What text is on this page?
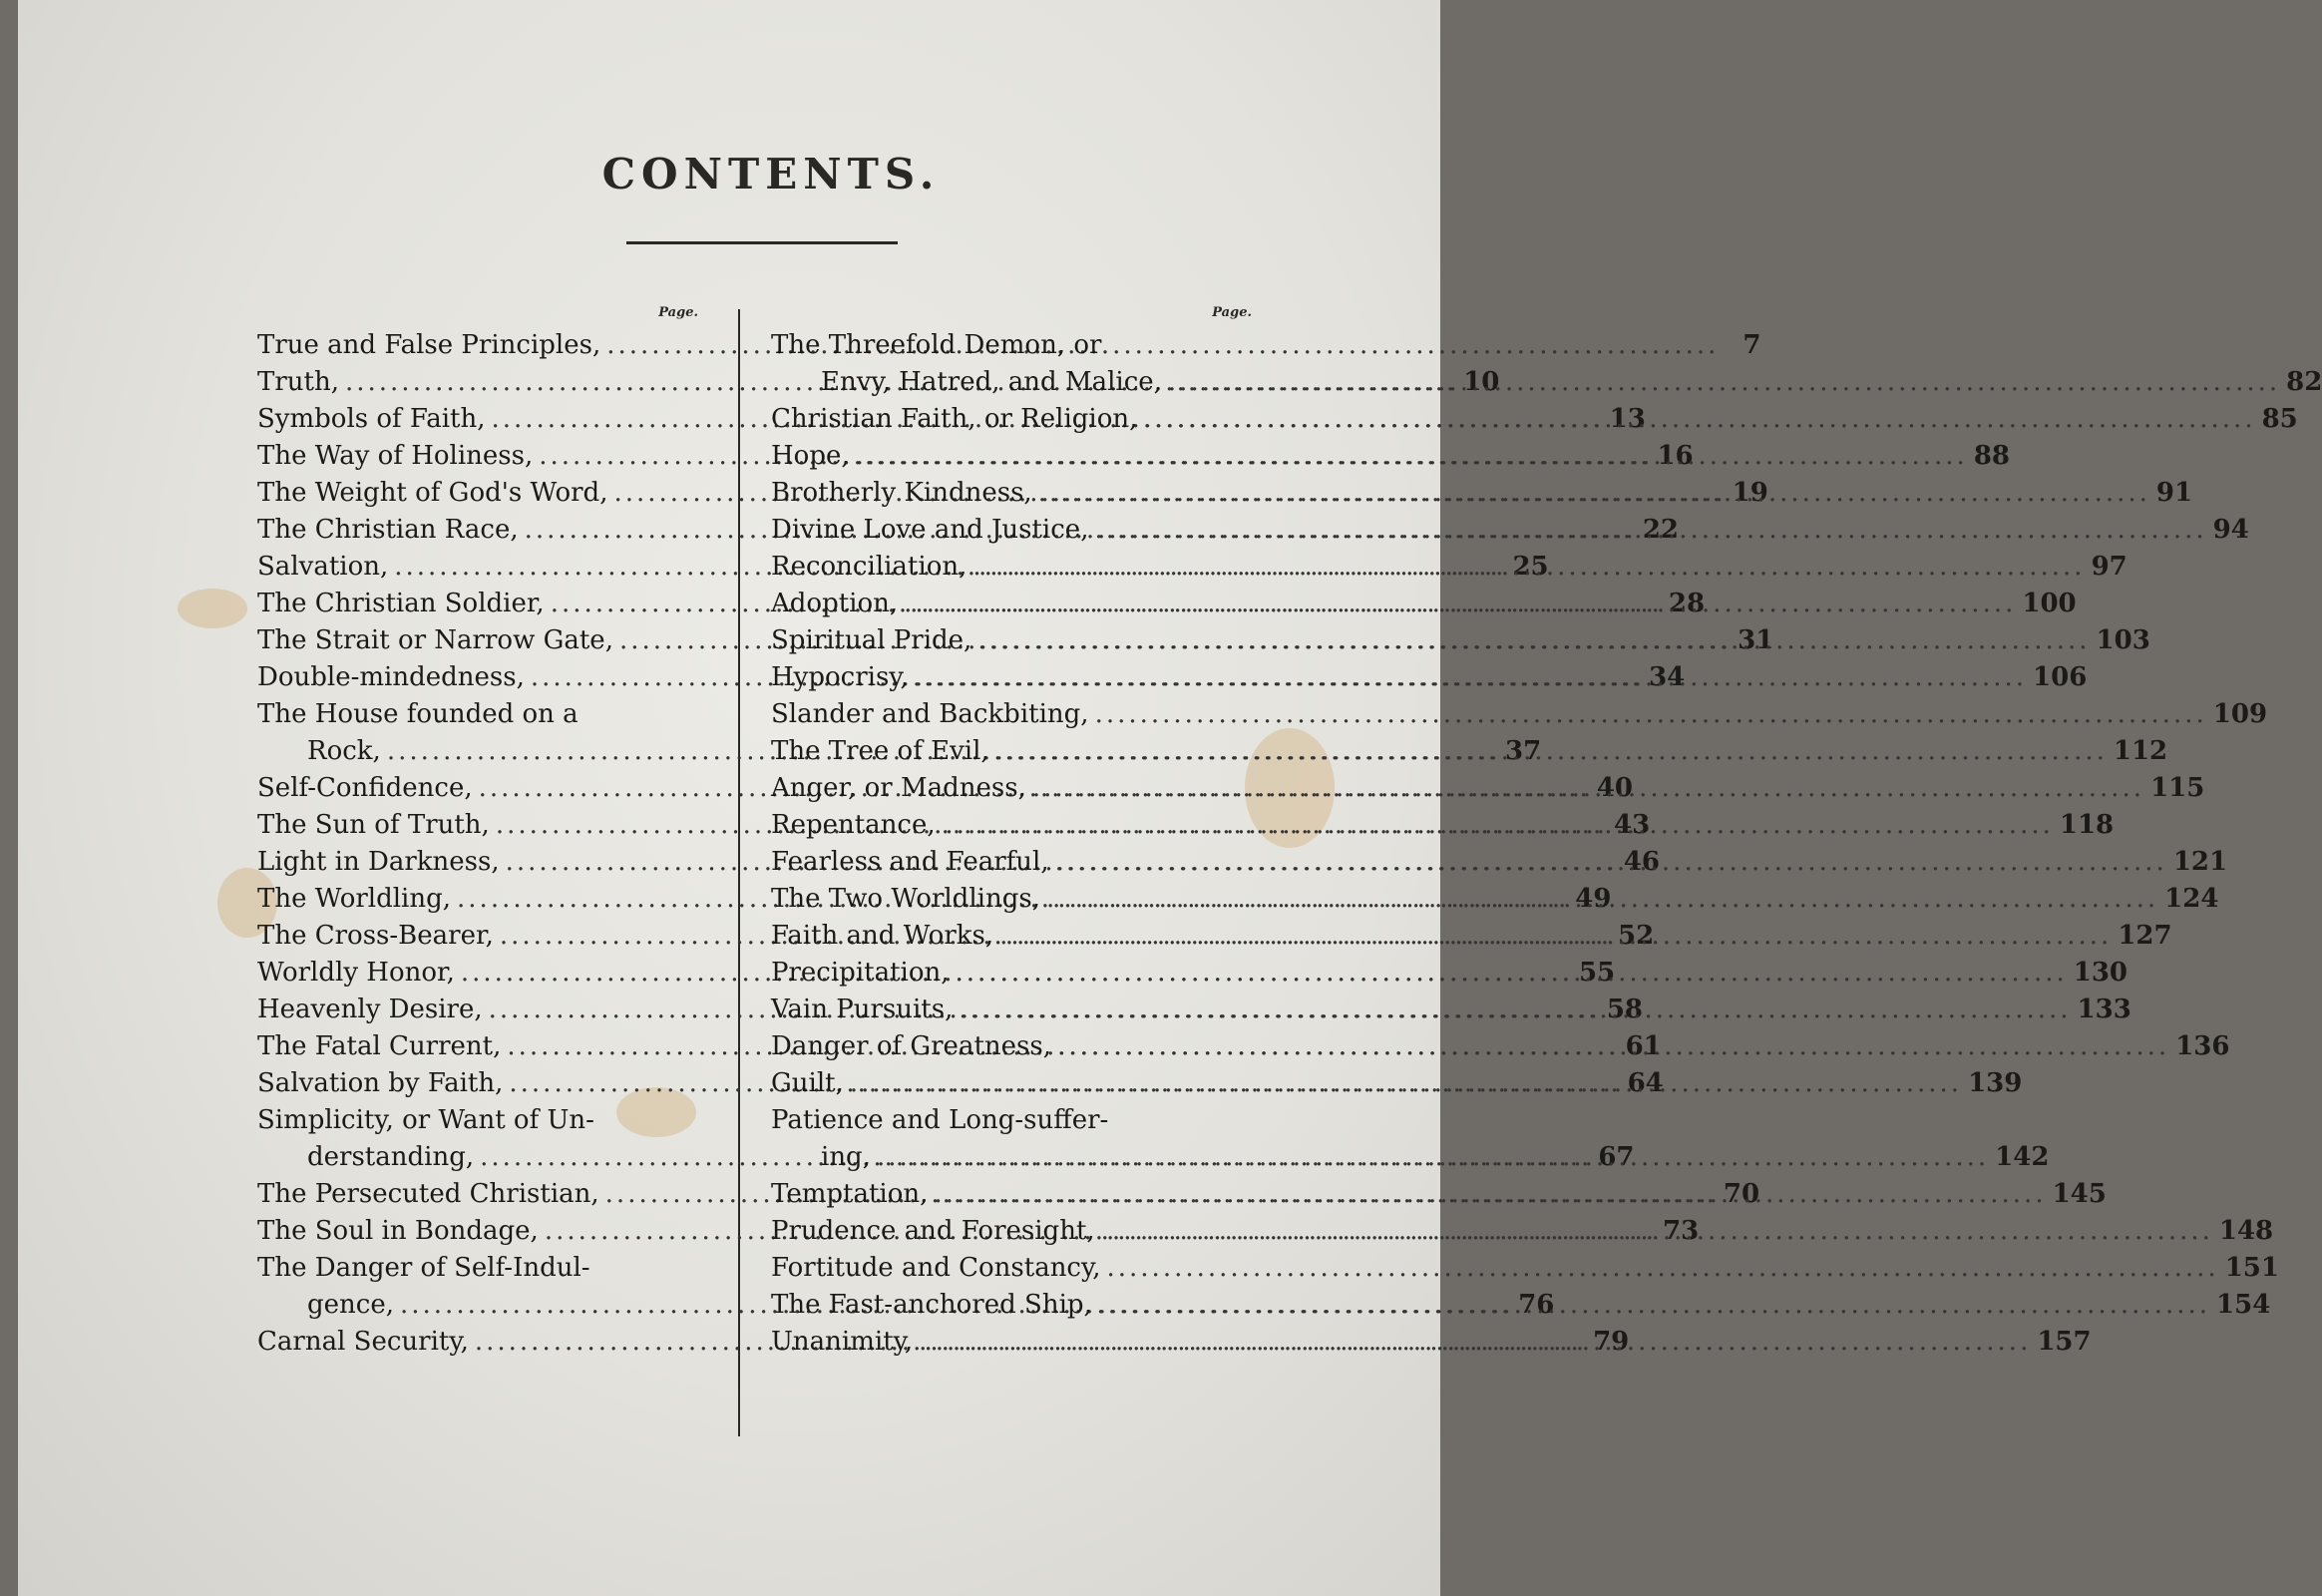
CONTENTS.
Page.
True and False Principles, .....	7
Truth, .....	10
Symbols of Faith, .....	13
The Way of Holiness, .....	16
The Weight of God's Word, .....	19
The Christian Race, .....	22
Salvation, .....	25
The Christian Soldier, .....	28
The Strait or Narrow Gate, .....	31
Double-mindedness, .....	34
The House founded on a
Rock, .....	37
Self-Confidence, .....	40
The Sun of Truth, .....	43
Light in Darkness, .....	46
The Worldling, .....	49
The Cross-Bearer, .....	52
Worldly Honor, .....	55
Heavenly Desire, .....	58
The Fatal Current, .....	61
Salvation by Faith, .....	64
Simplicity, or Want of Un-
derstanding, .....	67
The Persecuted Christian, .....	70
The Soul in Bondage, .....	73
The Danger of Self-Indul-
gence, .....	76
Carnal Security, .....	79
Page.
The Threefold Demon, or
Envy, Hatred, and Malice, .....	82
Christian Faith, or Religion, .....	85
Hope, .....	88
Brotherly Kindness, .....	91
Divine Love and Justice, .....	94
Reconciliation, .....	97
Adoption, .....	100
Spiritual Pride, .....	103
Hypocrisy, .....	106
Slander and Backbiting, .....	109
The Tree of Evil, .....	112
Anger, or Madness, .....	115
Repentance, .....	118
Fearless and Fearful, .....	121
The Two Worldlings, .....	124
Faith and Works, .....	127
Precipitation, .....	130
Vain Pursuits, .....	133
Danger of Greatness, .....	136
Guilt, .....	139
Patience and Long-suffer-
ing, .....	142
Temptation, .....	145
Prudence and Foresight, .....	148
Fortitude and Constancy, .....	151
The Fast-anchored Ship, .....	154
Unanimity, .....	157
